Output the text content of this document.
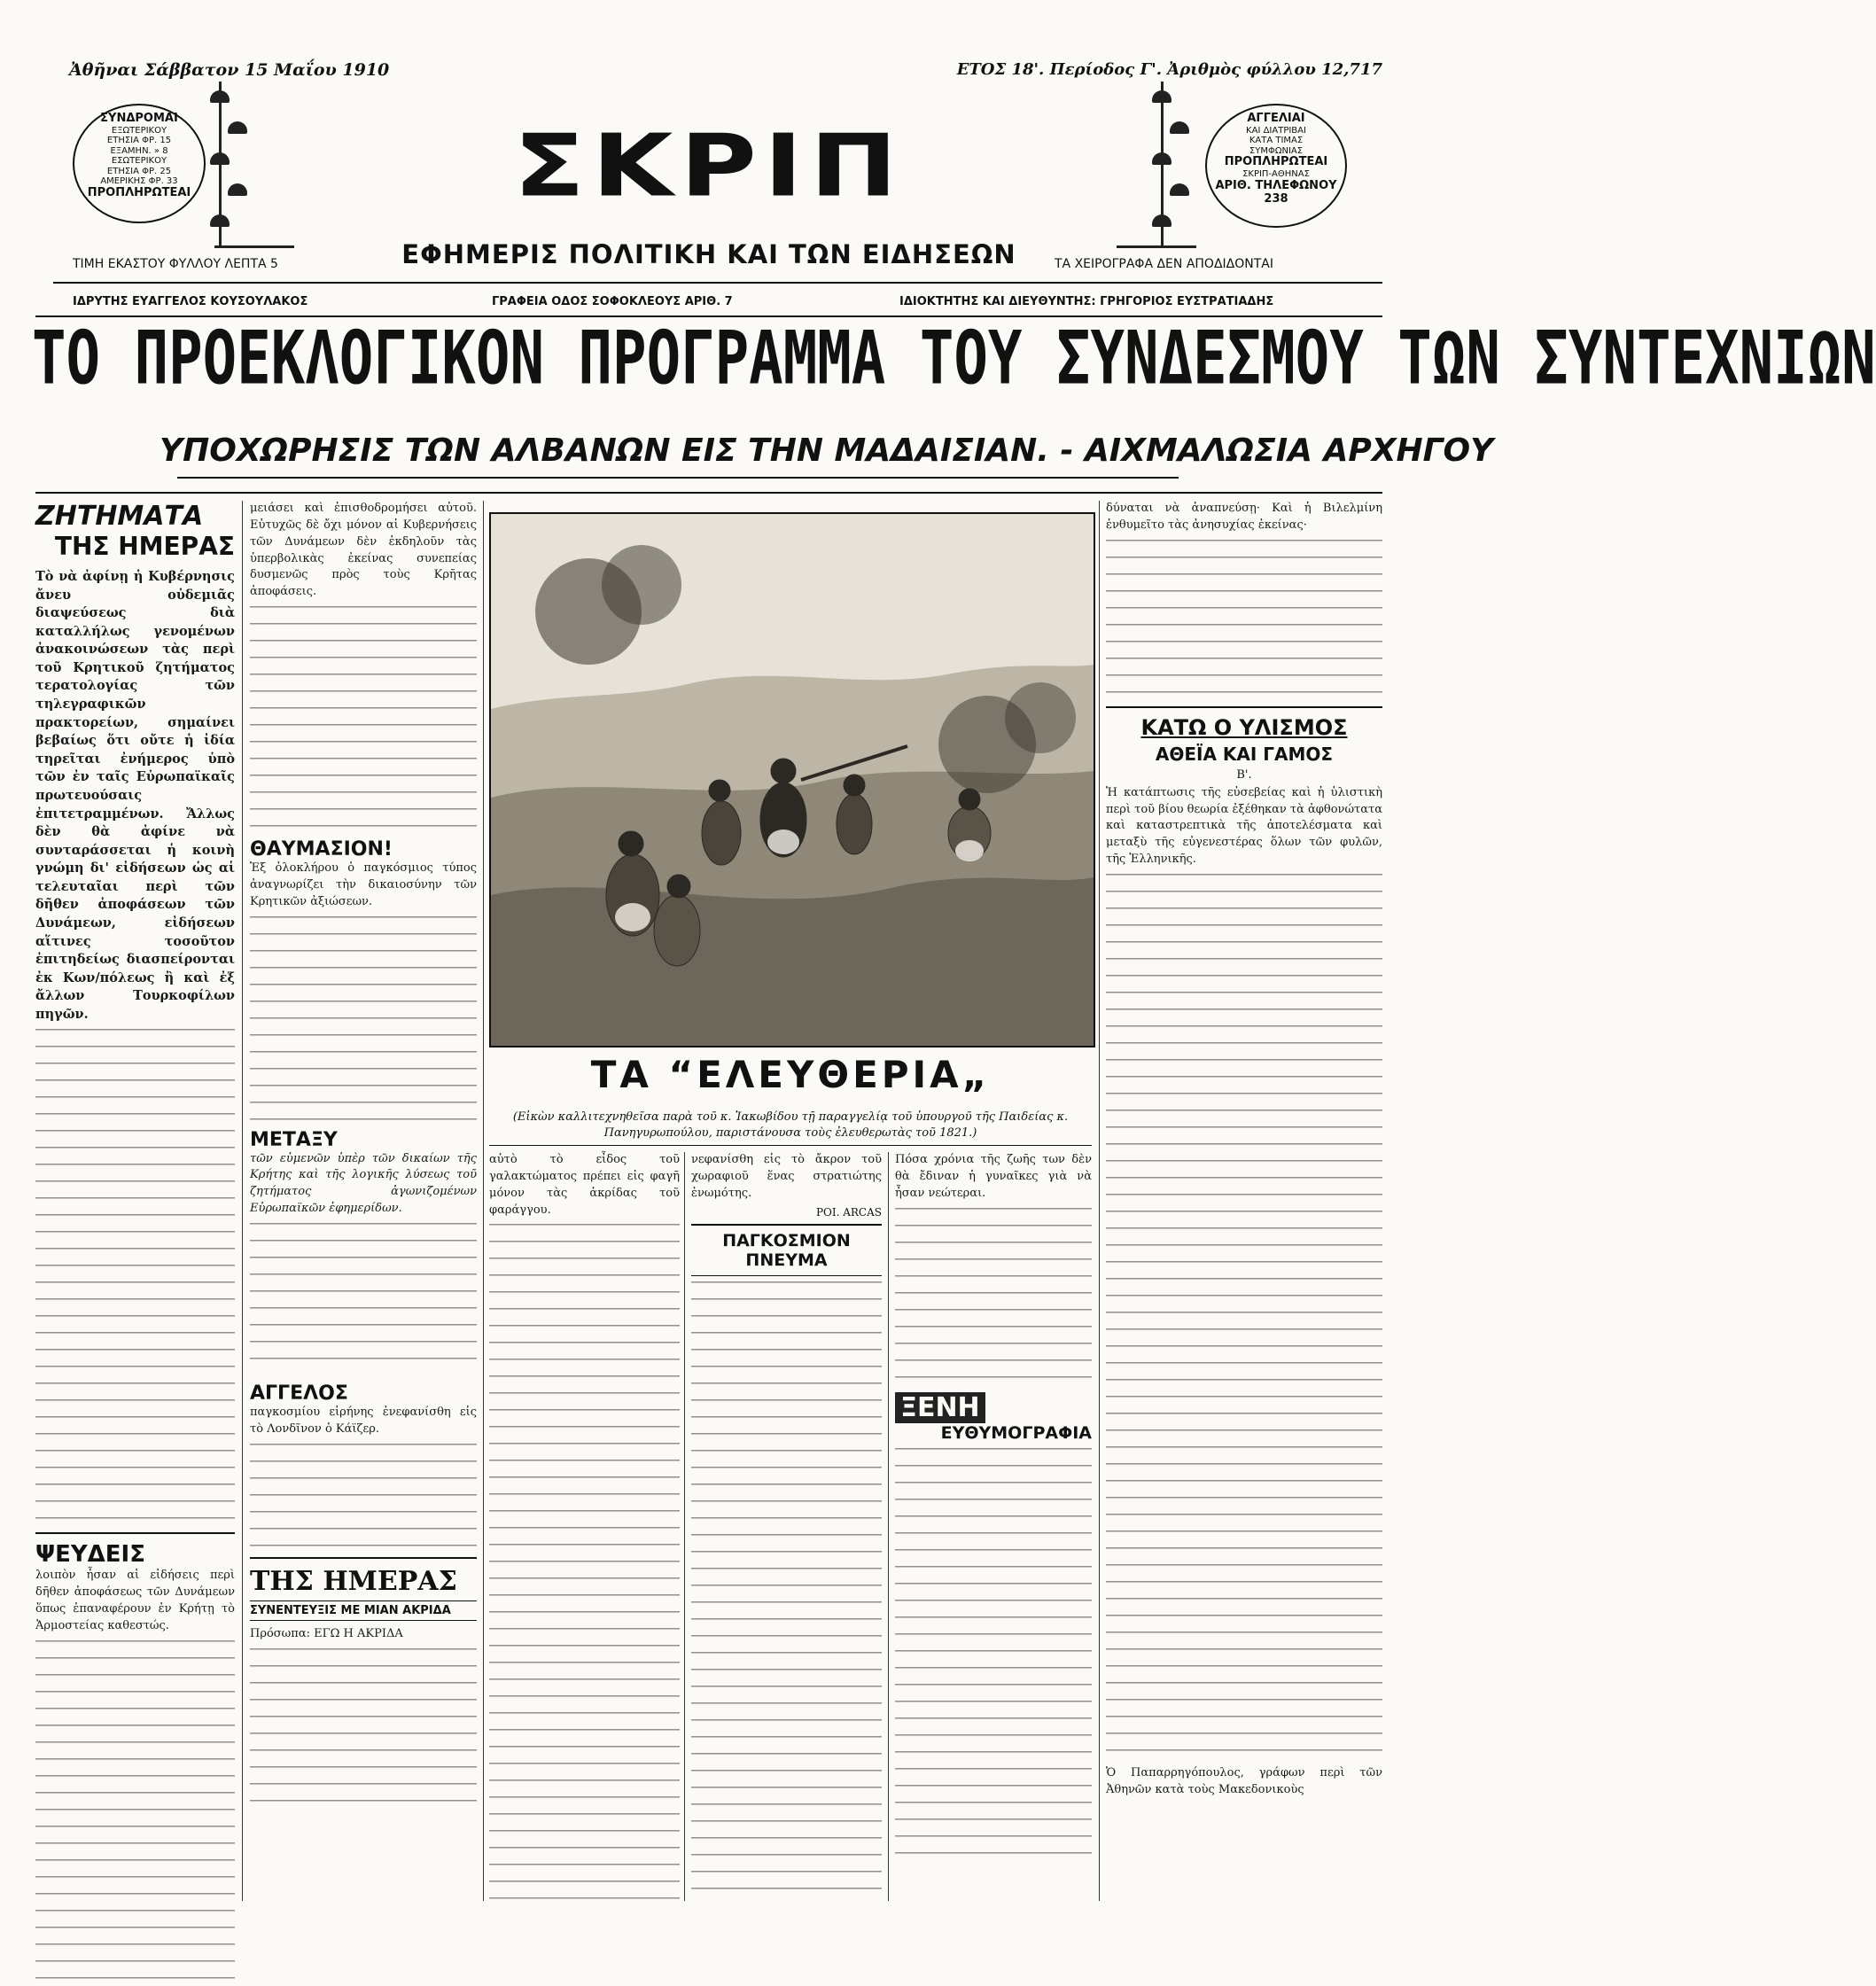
Ἀθῆναι Σάββατον 15 Μαΐου 1910	ΕΤΟΣ 18'. Περίοδος Γ'. Ἀριθμὸς φύλλου 12,717
ΣΥΝΔΡΟΜΑΙ
ΕΞΩΤΕΡΙΚΟΥ
ΕΤΗΣΙΑ ΦΡ. 15
ΕΞΑΜΗΝ. » 8
ΕΣΩΤΕΡΙΚΟΥ
ΕΤΗΣΙΑ ΦΡ. 25
ΑΜΕΡΙΚΗΣ ΦΡ. 33
ΠΡΟΠΛΗΡΩΤΕΑΙ	ΣΚΡΙΠ
ΕΦΗΜΕΡΙΣ ΠΟΛΙΤΙΚΗ ΚΑΙ ΤΩΝ ΕΙΔΗΣΕΩΝ
ΑΓΓΕΛΙΑΙ
ΚΑΙ ΔΙΑΤΡΙΒΑΙ
ΚΑΤΑ ΤΙΜΑΣ
ΣΥΜΦΩΝΙΑΣ
ΠΡΟΠΛΗΡΩΤΕΑΙ
ΣΚΡΙΠ-ΑΘΗΝΑΣ
ΑΡΙΘ. ΤΗΛΕΦΩΝΟΥ 238
ΤΙΜΗ ΕΚΑΣΤΟΥ ΦΥΛΛΟΥ ΛΕΠΤΑ 5	ΤΑ ΧΕΙΡΟΓΡΑΦΑ ΔΕΝ ΑΠΟΔΙΔΟΝΤΑΙ
ΙΔΡΥΤΗΣ ΕΥΑΓΓΕΛΟΣ ΚΟΥΣΟΥΛΑΚΟΣ	ΓΡΑΦΕΙΑ ΟΔΟΣ ΣΟΦΟΚΛΕΟΥΣ ΑΡΙΘ. 7	ΙΔΙΟΚΤΗΤΗΣ ΚΑΙ ΔΙΕΥΘΥΝΤΗΣ: ΓΡΗΓΟΡΙΟΣ ΕΥΣΤΡΑΤΙΑΔΗΣ
ΤΟ ΠΡΟΕΚΛΟΓΙΚΟΝ ΠΡΟΓΡΑΜΜΑ ΤΟΥ ΣΥΝΔΕΣΜΟΥ ΤΩΝ ΣΥΝΤΕΧΝΙΩΝ
ΥΠΟΧΩΡΗΣΙΣ ΤΩΝ ΑΛΒΑΝΩΝ ΕΙΣ ΤΗΝ ΜΑΔΑΙΣΙΑΝ. - ΑΙΧΜΑΛΩΣΙΑ ΑΡΧΗΓΟΥ
ΖΗΤΗΜΑΤΑ
ΤΗΣ ΗΜΕΡΑΣ
Τὸ νὰ ἀφίνῃ ἡ Κυβέρνησις ἄνευ οὐδεμιᾶς διαψεύσεως διὰ καταλλήλως γενομένων ἀνακοινώσεων τὰς περὶ τοῦ Κρητικοῦ ζητήματος τερατολογίας τῶν τηλεγραφικῶν πρακτορείων, σημαίνει βεβαίως ὅτι οὔτε ἡ ἰδία τηρεῖται ἐνήμερος ὑπὸ τῶν ἐν ταῖς Εὐρωπαϊκαῖς πρωτευούσαις ἐπιτετραμμένων. Ἄλλως δὲν θὰ ἀφίνε νὰ συνταράσσεται ἡ κοινὴ γνώμη δι' εἰδήσεων ὡς αἱ τελευταῖαι περὶ τῶν δῆθεν ἀποφάσεων τῶν Δυνάμεων, εἰδήσεων αἵτινες τοσοῦτον ἐπιτηδείως διασπείρονται ἐκ Κων/πόλεως ἢ καὶ ἐξ ἄλλων Τουρκοφίλων πηγῶν.
ΨΕΥΔΕΙΣ
λοιπὸν ἦσαν αἱ εἰδήσεις περὶ δῆθεν ἀποφάσεως τῶν Δυνάμεων ὅπως ἐπαναφέρουν ἐν Κρήτῃ τὸ Ἁρμοστείας καθεστώς.
μειάσει καὶ ἐπισθοδρομήσει αὐτοῦ. Εὐτυχῶς δὲ ὄχι μόνον αἱ Κυβερνήσεις τῶν Δυνάμεων δὲν ἐκδηλοῦν τὰς ὑπερβολικὰς ἐκείνας συνεπείας δυσμενῶς πρὸς τοὺς Κρῆτας ἀποφάσεις.
ΘΑΥΜΑΣΙΟΝ!
Ἐξ ὁλοκλήρου ὁ παγκόσμιος τύπος ἀναγνωρίζει τὴν δικαιοσύνην τῶν Κρητικῶν ἀξιώσεων.
ΜΕΤΑΞΥ
τῶν εὐμενῶν ὑπὲρ τῶν δικαίων τῆς Κρήτης καὶ τῆς λογικῆς λύσεως τοῦ ζητήματος ἀγωνιζομένων Εὐρωπαϊκῶν ἐφημερίδων.
ΑΓΓΕΛΟΣ
παγκοσμίου εἰρήνης ἐνεφανίσθη εἰς τὸ Λονδῖνον ὁ Κάϊζερ.
ΤΗΣ ΗΜΕΡΑΣ
ΣΥΝΕΝΤΕΥΞΙΣ ΜΕ ΜΙΑΝ ΑΚΡΙΔΑ
Πρόσωπα: ΕΓΩ Η ΑΚΡΙΔΑ
ΤΑ “ΕΛΕΥΘΕΡΙΑ„
(Εἰκὼν καλλιτεχνηθεῖσα παρὰ τοῦ κ. Ἰακωβίδου τῇ παραγγελίᾳ τοῦ ὑπουργοῦ τῆς Παιδείας κ. Πανηγυρωπούλου, παριστάνουσα τοὺς ἐλευθερωτὰς τοῦ 1821.)
αὐτὸ τὸ εἶδος τοῦ γαλακτώματος πρέπει εἰς φαγῆ μόνον τὰς ἀκρίδας τοῦ φαράγγου.
νεφανίσθη εἰς τὸ ἄκρον τοῦ χωραφιοῦ ἕνας στρατιώτης ἐνωμότης.
ΡΟΙ. ARCAS
ΠΑΓΚΟΣΜΙΟΝ ΠΝΕΥΜΑ
Πόσα χρόνια τῆς ζωῆς των δὲν θὰ ἔδιναν ἡ γυναῖκες γιὰ νὰ ἦσαν νεώτεραι.
ΞΕΝΗ
ΕΥΘΥΜΟΓΡΑΦΙΑ
δύναται νὰ ἀναπνεύσῃ· Καὶ ἡ Βιλελμίνη ἐνθυμεῖτο τὰς ἀνησυχίας ἐκείνας·
ΚΑΤΩ Ο ΥΛΙΣΜΟΣ
ΑΘΕΪΑ ΚΑΙ ΓΑΜΟΣ
Β'.
Ἡ κατάπτωσις τῆς εὐσεβείας καὶ ἡ ὑλιστικὴ περὶ τοῦ βίου θεωρία ἐξέθηκαν τὰ ἀφθονώτατα καὶ καταστρεπτικὰ τῆς ἀποτελέσματα καὶ μεταξὺ τῆς εὐγενεστέρας ὅλων τῶν φυλῶν, τῆς Ἑλληνικῆς.
Ὁ Παπαρρηγόπουλος, γράφων περὶ τῶν Ἀθηνῶν κατὰ τοὺς Μακεδονικοὺς
